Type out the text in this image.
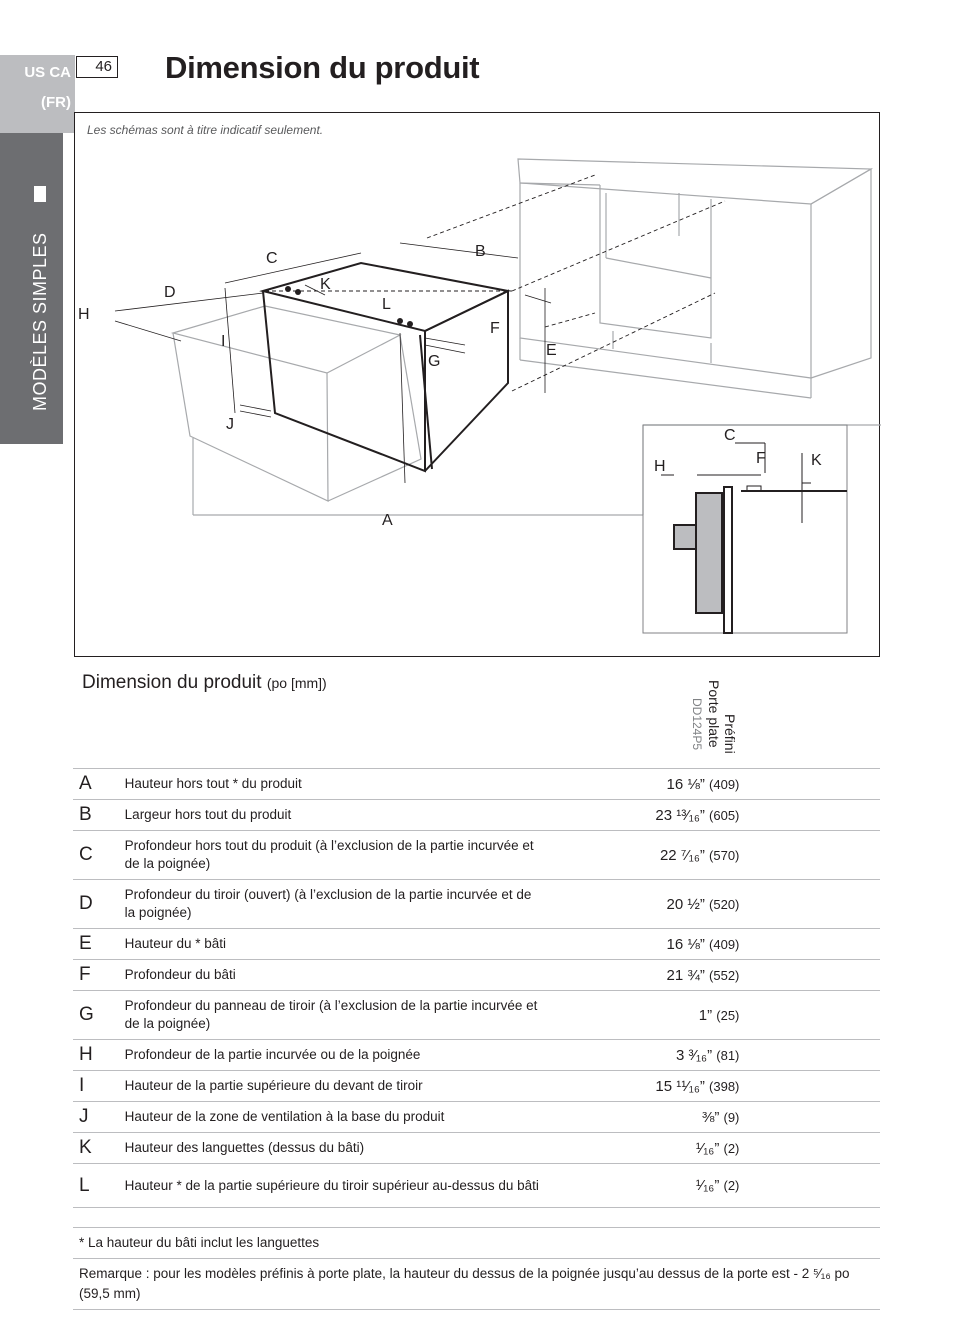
US CA
(FR)
46
MODÈLES SIMPLES
Dimension du produit
Les schémas sont à titre indicatif seulement.
A
B
C
D
E
F
G
H
I
J
K
L
C
F
H	K
Dimension du produit (po [mm])
Préfini
Porte plate
DD124P5
A	Hauteur hors tout * du produit	16 ⅛” (409)	
B	Largeur hors tout du produit	23 ¹³⁄₁₆” (605)	
C	Profondeur hors tout du produit (à l’exclusion de la partie incurvée et de la poignée)	22 ⁷⁄₁₆” (570)	
D	Profondeur du tiroir (ouvert) (à l’exclusion de la partie incurvée et de la poignée)	20 ½” (520)	
E	Hauteur du * bâti	16 ⅛” (409)	
F	Profondeur du bâti	21 ¾” (552)	
G	Profondeur du panneau de tiroir (à l’exclusion de la partie incurvée et de la poignée)	1” (25)	
H	Profondeur de la partie incurvée ou de la poignée	3 ³⁄₁₆” (81)	
I	Hauteur de la partie supérieure du devant de tiroir	15 ¹¹⁄₁₆” (398)	
J	Hauteur de la zone de ventilation à la base du produit	⅜” (9)	
K	Hauteur des languettes (dessus du bâti)	¹⁄₁₆” (2)	
L	Hauteur * de la partie supérieure du tiroir supérieur au-dessus du bâti	¹⁄₁₆” (2)	
* La hauteur du bâti inclut les languettes
Remarque : pour les modèles préfinis à porte plate, la hauteur du dessus de la poignée jusqu’au dessus de la porte est - 2 ⁵⁄₁₆ po (59,5 mm)
